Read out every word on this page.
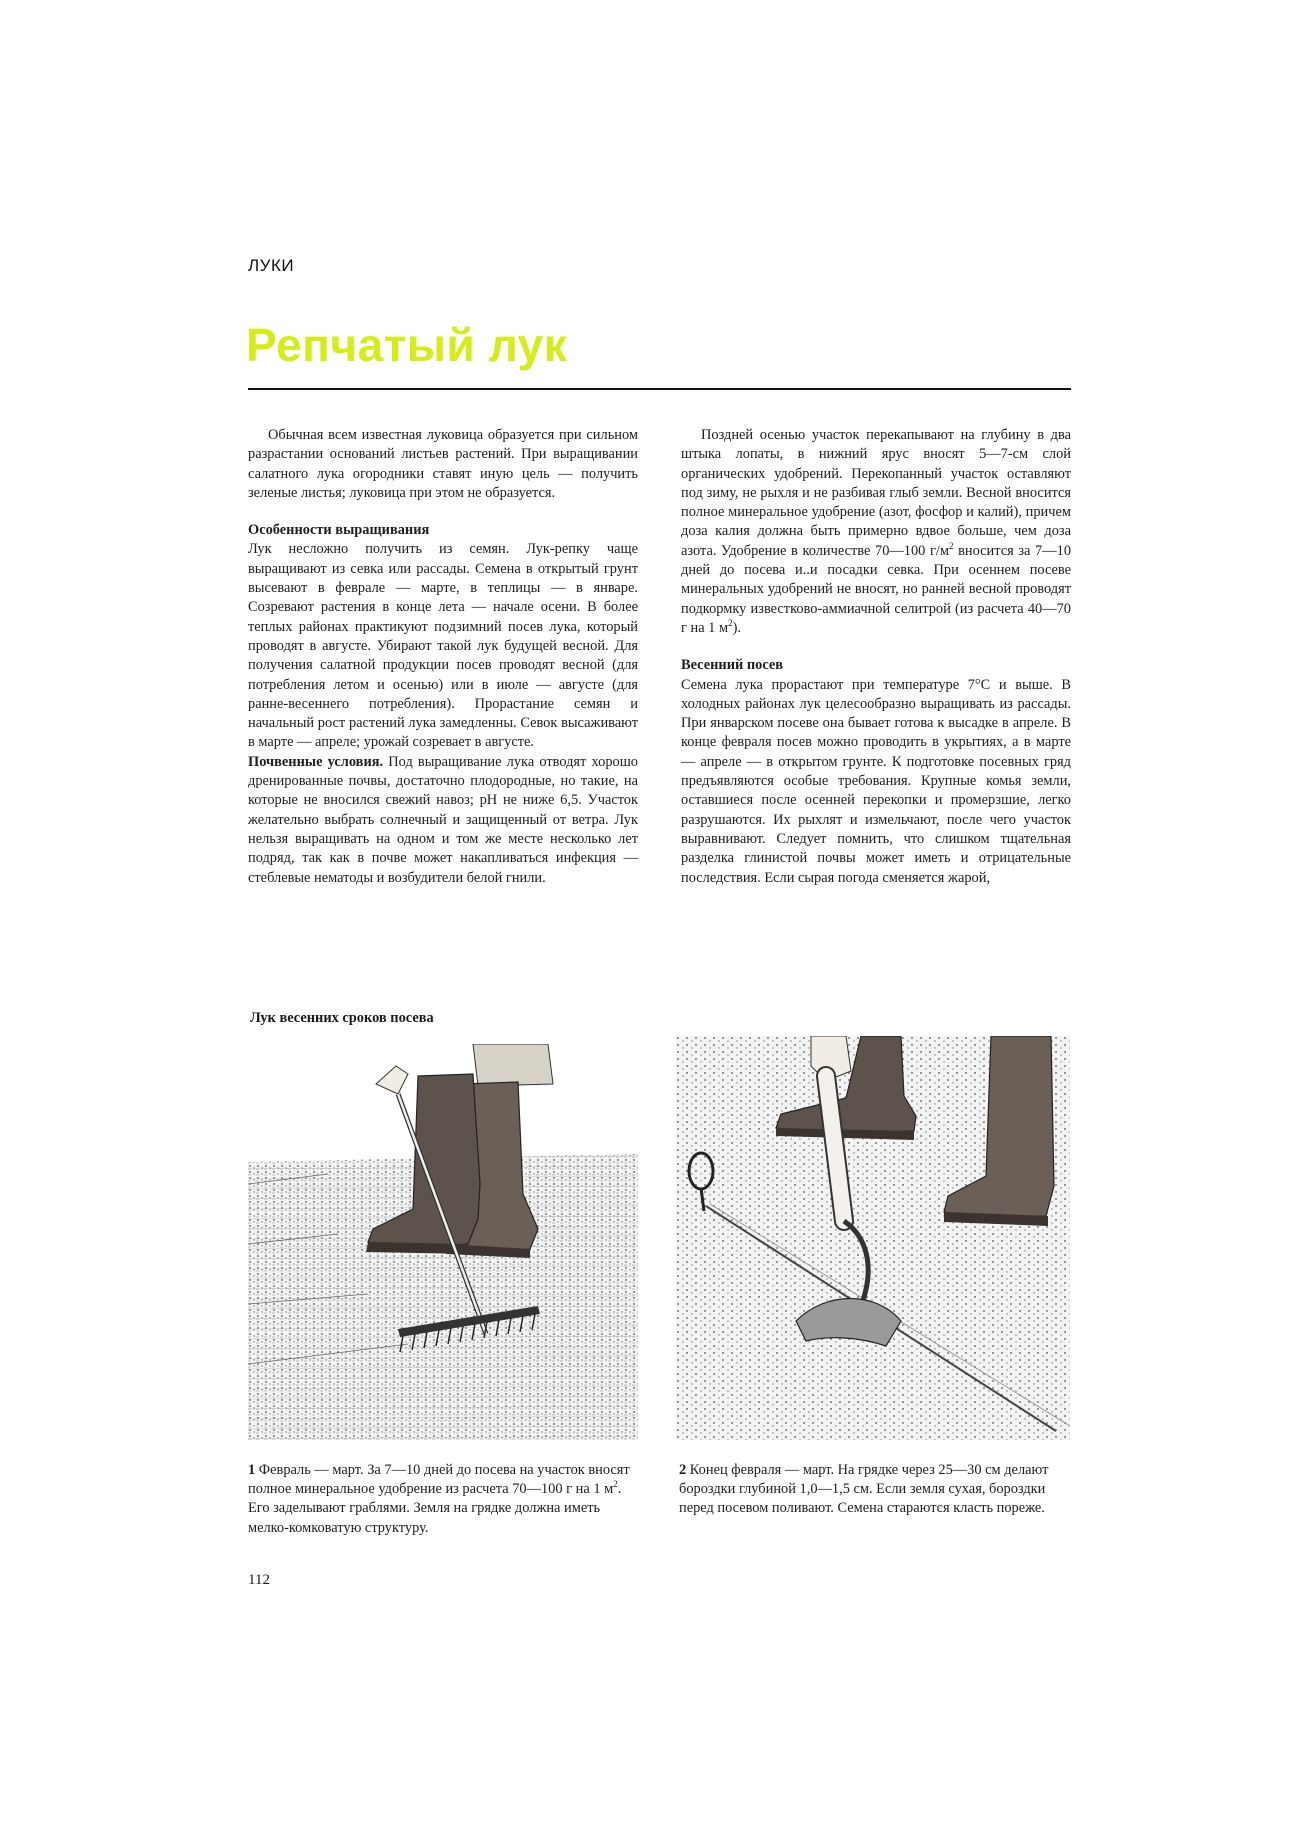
ЛУКИ
Репчатый лук

Обычная всем известная луковица образуется при сильном разрастании оснований листьев растений. При выращивании салатного лука огородники ставят иную цель — получить зеленые листья; луковица при этом не образуется.

Особенности выращивания

Лук несложно получить из семян. Лук-репку чаще выращивают из севка или рассады. Семена в открытый грунт высевают в феврале — марте, в теплицы — в январе. Созревают растения в конце лета — начале осени. В более теплых районах практикуют подзимний посев лука, который проводят в августе. Убирают такой лук будущей весной. Для получения салатной продукции посев проводят весной (для потребления летом и осенью) или в июле — августе (для ранне-весеннего потребления). Прорастание семян и начальный рост растений лука замедленны. Севок высаживают в марте — апреле; урожай созревает в августе.

Почвенные условия. Под выращивание лука отводят хорошо дренированные почвы, достаточно плодородные, но такие, на которые не вносился свежий навоз; pH не ниже 6,5. Участок желательно выбрать солнечный и защищенный от ветра. Лук нельзя выращивать на одном и том же месте несколько лет подряд, так как в почве может накапливаться инфекция — стеблевые нематоды и возбудители белой гнили.

Поздней осенью участок перекапывают на глубину в два штыка лопаты, в нижний ярус вносят 5—7-см слой органических удобрений. Перекопанный участок оставляют под зиму, не рыхля и не разбивая глыб земли. Весной вносится полное минеральное удобрение (азот, фосфор и калий), причем доза калия должна быть примерно вдвое больше, чем доза азота. Удобрение в количестве 70—100 $г/м^2$ вносится за 7—10 дней до посева и..и посадки севка. При осеннем посеве минеральных удобрений не вносят, но ранней весной проводят подкормку известково-аммиачной селитрой (из расчета 40—70 г на 1 $м^2$).

Весенний посев

Семена лука прорастают при температуре 7°С и выше. В холодных районах лук целесообразно выращивать из рассады. При январском посеве она бывает готова к высадке в апреле. В конце февраля посев можно проводить в укрытиях, а в марте — апреле — в открытом грунте. К подготовке посевных гряд предъявляются особые требования. Крупные комья земли, оставшиеся после осенней перекопки и промерзшие, легко разрушаются. Их рыхлят и измельчают, после чего участок выравнивают. Следует помнить, что слишком тщательная разделка глинистой почвы может иметь и отрицательные последствия. Если сырая погода сменяется жарой,

Лук весенних сроков посева
1 Февраль — март. За 7—10 дней до посева на участок вносят полное минеральное удобрение из расчета 70—100 г на 1 $м^2$. Его заделывают граблями. Земля на грядке должна иметь мелко-комковатую структуру.
2 Конец февраля — март. На грядке через 25—30 см делают бороздки глубиной 1,0—1,5 см. Если земля сухая, бороздки перед посевом поливают. Семена стараются класть пореже.
112
